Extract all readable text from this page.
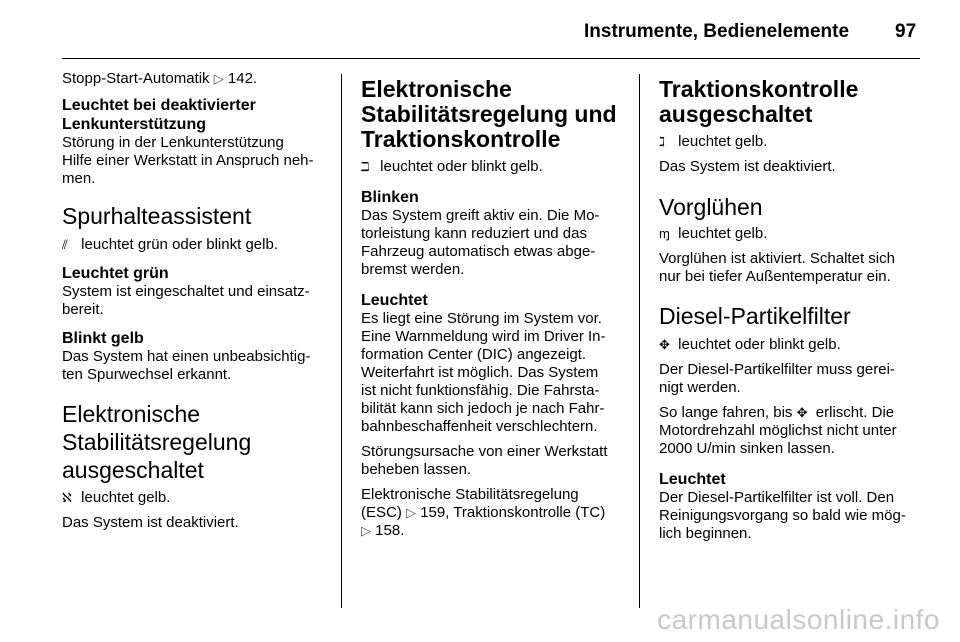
Instrumente, Bedienelemente 97

Stopp-Start-Automatik ▷ 142.

Leuchtet bei deaktivierter
Lenkunterstützung

Störung in der Lenkunterstützung
Hilfe einer Werkstatt in Anspruch neh-
men.

Spurhalteassistent

⫽ leuchtet grün oder blinkt gelb.

Leuchtet grün

System ist eingeschaltet und einsatz-
bereit.

Blinkt gelb

Das System hat einen unbeabsichtig-
ten Spurwechsel erkannt.

Elektronische
Stabilitätsregelung
ausgeschaltet

ℵ leuchtet gelb.

Das System ist deaktiviert.

Elektronische
Stabilitätsregelung und
Traktionskontrolle

ℶ leuchtet oder blinkt gelb.

Blinken

Das System greift aktiv ein. Die Mo-
torleistung kann reduziert und das
Fahrzeug automatisch etwas abge-
bremst werden.

Leuchtet

Es liegt eine Störung im System vor.
Eine Warnmeldung wird im Driver In-
formation Center (DIC) angezeigt.
Weiterfahrt ist möglich. Das System
ist nicht funktionsfähig. Die Fahrsta-
bilität kann sich jedoch je nach Fahr-
bahnbeschaffenheit verschlechtern.

Störungsursache von einer Werkstatt
beheben lassen.

Elektronische Stabilitätsregelung
(ESC) ▷ 159, Traktionskontrolle (TC)
▷ 158.

Traktionskontrolle
ausgeschaltet

ℷ leuchtet gelb.

Das System ist deaktiviert.

Vorglühen

ɱ leuchtet gelb.

Vorglühen ist aktiviert. Schaltet sich
nur bei tiefer Außentemperatur ein.

Diesel-Partikelfilter

✥ leuchtet oder blinkt gelb.

Der Diesel-Partikelfilter muss gerei-
nigt werden.

So lange fahren, bis ✥ erlischt. Die
Motordrehzahl möglichst nicht unter
2000 U/min sinken lassen.

Leuchtet

Der Diesel-Partikelfilter ist voll. Den
Reinigungsvorgang so bald wie mög-
lich beginnen.

carmanualsonline.info
